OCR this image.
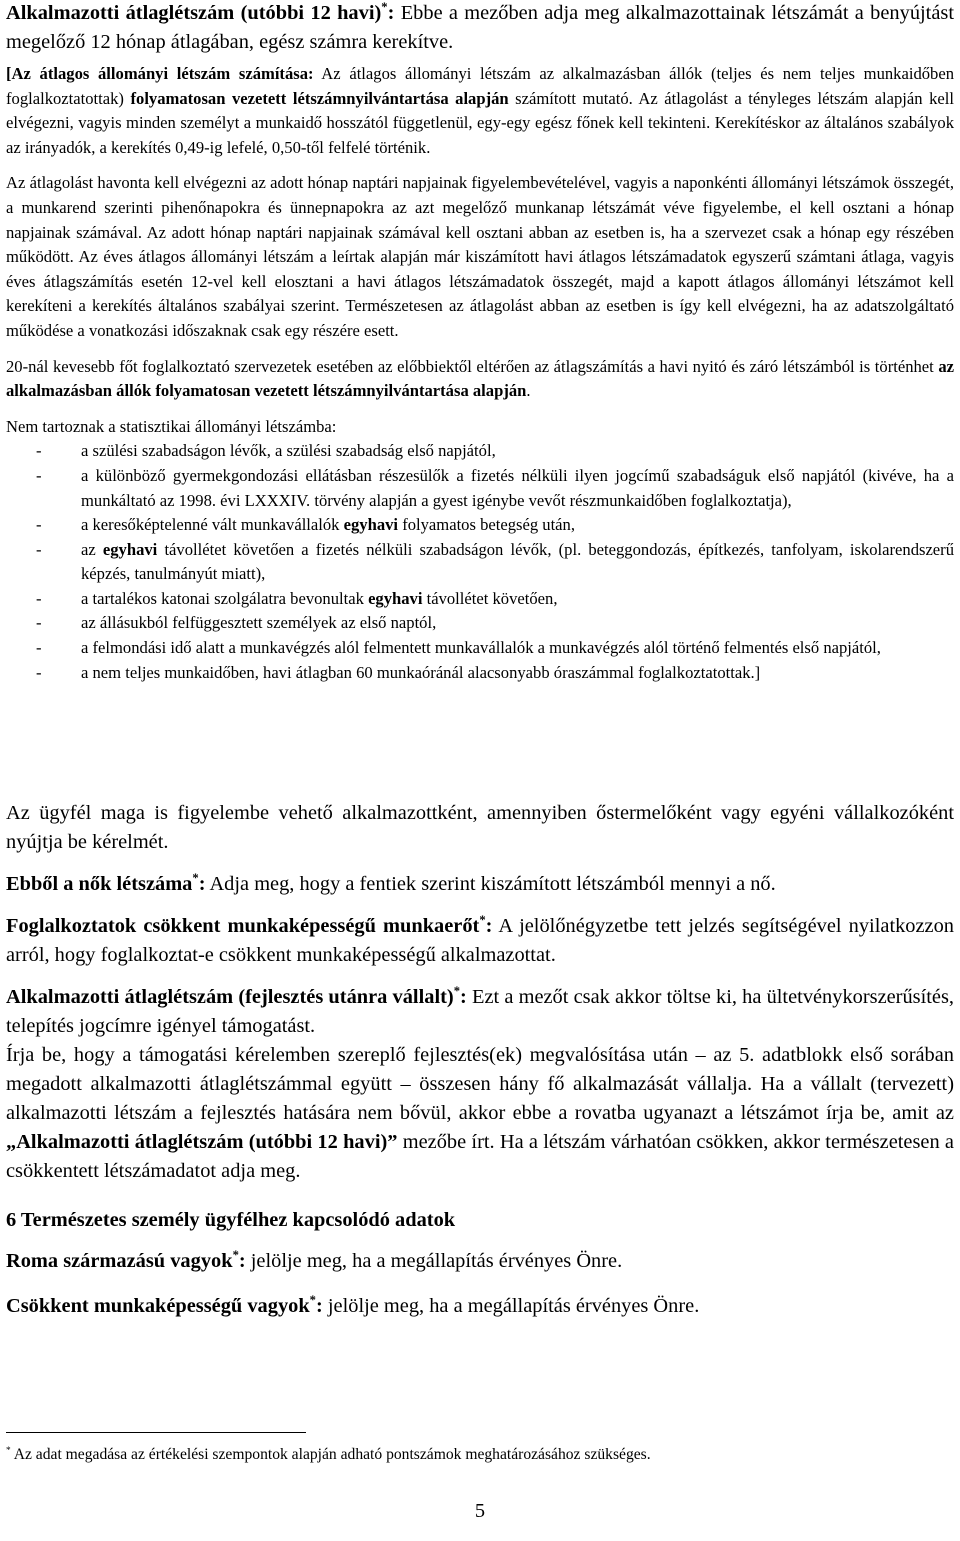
Alkalmazotti átlaglétszám (utóbbi 12 havi)*: Ebbe a mezőben adja meg alkalmazottainak létszámát a benyújtást megelőző 12 hónap átlagában, egész számra kerekítve.

[Az átlagos állományi létszám számítása: Az átlagos állományi létszám az alkalmazásban állók (teljes és nem teljes munkaidőben foglalkoztatottak) folyamatosan vezetett létszámnyilvántartása alapján számított mutató. Az átlagolást a tényleges létszám alapján kell elvégezni, vagyis minden személyt a munkaidő hosszától függetlenül, egy-egy egész főnek kell tekinteni. Kerekítéskor az általános szabályok az irányadók, a kerekítés 0,49-ig lefelé, 0,50-től felfelé történik.

Az átlagolást havonta kell elvégezni az adott hónap naptári napjainak figyelembevételével, vagyis a naponkénti állományi létszámok összegét, a munkarend szerinti pihenőnapokra és ünnepnapokra az azt megelőző munkanap létszámát véve figyelembe, el kell osztani a hónap napjainak számával. Az adott hónap naptári napjainak számával kell osztani abban az esetben is, ha a szervezet csak a hónap egy részében működött. Az éves átlagos állományi létszám a leírtak alapján már kiszámított havi átlagos létszámadatok egyszerű számtani átlaga, vagyis éves átlagszámítás esetén 12-vel kell elosztani a havi átlagos létszámadatok összegét, majd a kapott átlagos állományi létszámot kell kerekíteni a kerekítés általános szabályai szerint. Természetesen az átlagolást abban az esetben is így kell elvégezni, ha az adatszolgáltató működése a vonatkozási időszaknak csak egy részére esett.

20-nál kevesebb főt foglalkoztató szervezetek esetében az előbbiektől eltérően az átlagszámítás a havi nyitó és záró létszámból is történhet az alkalmazásban állók folyamatosan vezetett létszámnyilvántartása alapján.

Nem tartoznak a statisztikai állományi létszámba:

- a szülési szabadságon lévők, a szülési szabadság első napjától,
- a különböző gyermekgondozási ellátásban részesülők a fizetés nélküli ilyen jogcímű szabadságuk első napjától (kivéve, ha a munkáltató az 1998. évi LXXXIV. törvény alapján a gyest igénybe vevőt részmunkaidőben foglalkoztatja),
- a keresőképtelenné vált munkavállalók egyhavi folyamatos betegség után,
- az egyhavi távollétet követően a fizetés nélküli szabadságon lévők, (pl. beteggondozás, építkezés, tanfolyam, iskolarendszerű képzés, tanulmányút miatt),
- a tartalékos katonai szolgálatra bevonultak egyhavi távollétet követően,
- az állásukból felfüggesztett személyek az első naptól,
- a felmondási idő alatt a munkavégzés alól felmentett munkavállalók a munkavégzés alól történő felmentés első napjától,
- a nem teljes munkaidőben, havi átlagban 60 munkaóránál alacsonyabb óraszámmal foglalkoztatottak.]

Az ügyfél maga is figyelembe vehető alkalmazottként, amennyiben őstermelőként vagy egyéni vállalkozóként nyújtja be kérelmét.

Ebből a nők létszáma*: Adja meg, hogy a fentiek szerint kiszámított létszámból mennyi a nő.

Foglalkoztatok csökkent munkaképességű munkaerőt*: A jelölőnégyzetbe tett jelzés segítségével nyilatkozzon arról, hogy foglalkoztat-e csökkent munkaképességű alkalmazottat.

Alkalmazotti átlaglétszám (fejlesztés utánra vállalt)*: Ezt a mezőt csak akkor töltse ki, ha ültetvénykorszerűsítés, telepítés jogcímre igényel támogatást.

Írja be, hogy a támogatási kérelemben szereplő fejlesztés(ek) megvalósítása után – az 5. adatblokk első sorában megadott alkalmazotti átlaglétszámmal együtt – összesen hány fő alkalmazását vállalja. Ha a vállalt (tervezett) alkalmazotti létszám a fejlesztés hatására nem bővül, akkor ebbe a rovatba ugyanazt a létszámot írja be, amit az „Alkalmazotti átlaglétszám (utóbbi 12 havi)” mezőbe írt. Ha a létszám várhatóan csökken, akkor természetesen a csökkentett létszámadatot adja meg.

6 Természetes személy ügyfélhez kapcsolódó adatok

Roma származású vagyok*: jelölje meg, ha a megállapítás érvényes Önre.

Csökkent munkaképességű vagyok*: jelölje meg, ha a megállapítás érvényes Önre.

* Az adat megadása az értékelési szempontok alapján adható pontszámok meghatározásához szükséges.

5
